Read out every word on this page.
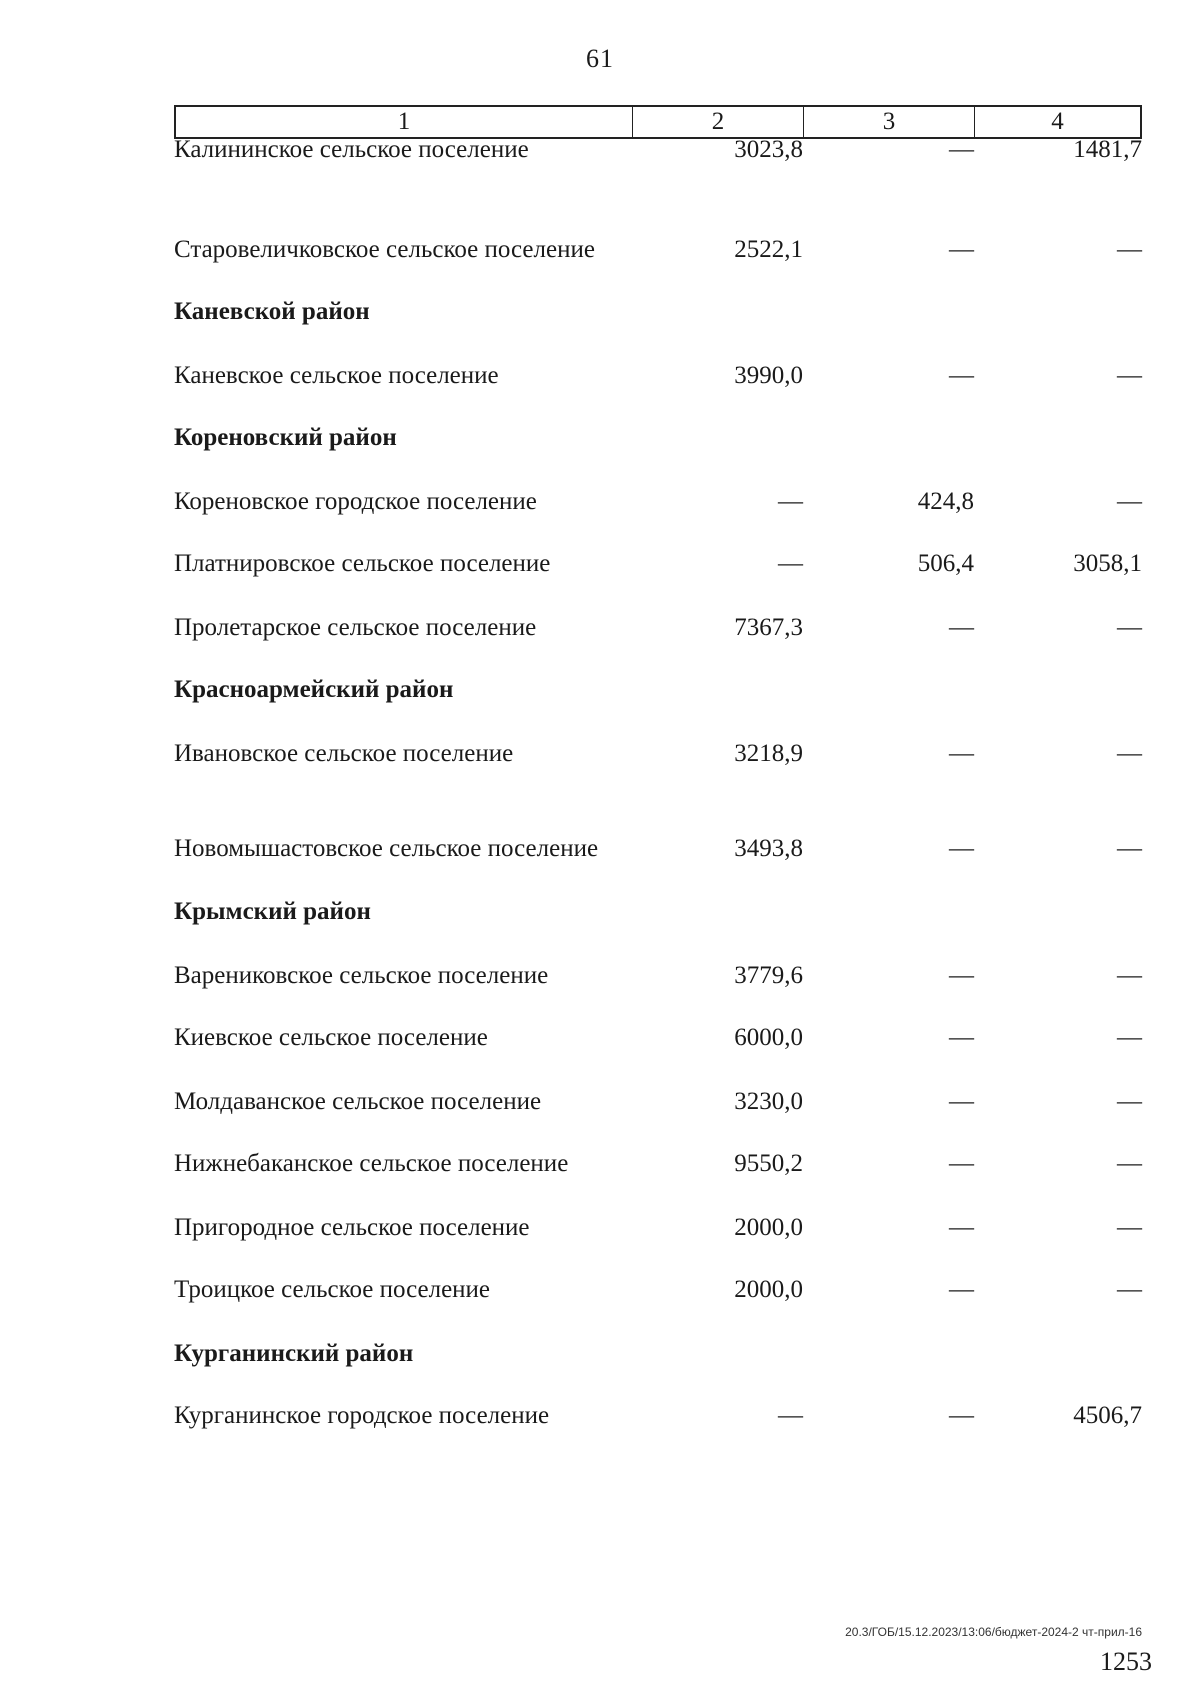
61
1	2	3	4
Калининское сельское поселение	3023,8	—	1481,7
Старовеличковское сельское поселение	2522,1	—	—
Каневской район
Каневское сельское поселение	3990,0	—	—
Кореновский район
Кореновское городское поселение	—	424,8	—
Платнировское сельское поселение	—	506,4	3058,1
Пролетарское сельское поселение	7367,3	—	—
Красноармейский район
Ивановское сельское поселение	3218,9	—	—
Новомышастовское сельское поселение	3493,8	—	—
Крымский район
Варениковское сельское поселение	3779,6	—	—
Киевское сельское поселение	6000,0	—	—
Молдаванское сельское поселение	3230,0	—	—
Нижнебаканское сельское поселение	9550,2	—	—
Пригородное сельское поселение	2000,0	—	—
Троицкое сельское поселение	2000,0	—	—
Курганинский район
Курганинское городское поселение	—	—	4506,7
20.3/ГОБ/15.12.2023/13:06/бюджет-2024-2 чт-прил-16
1253
